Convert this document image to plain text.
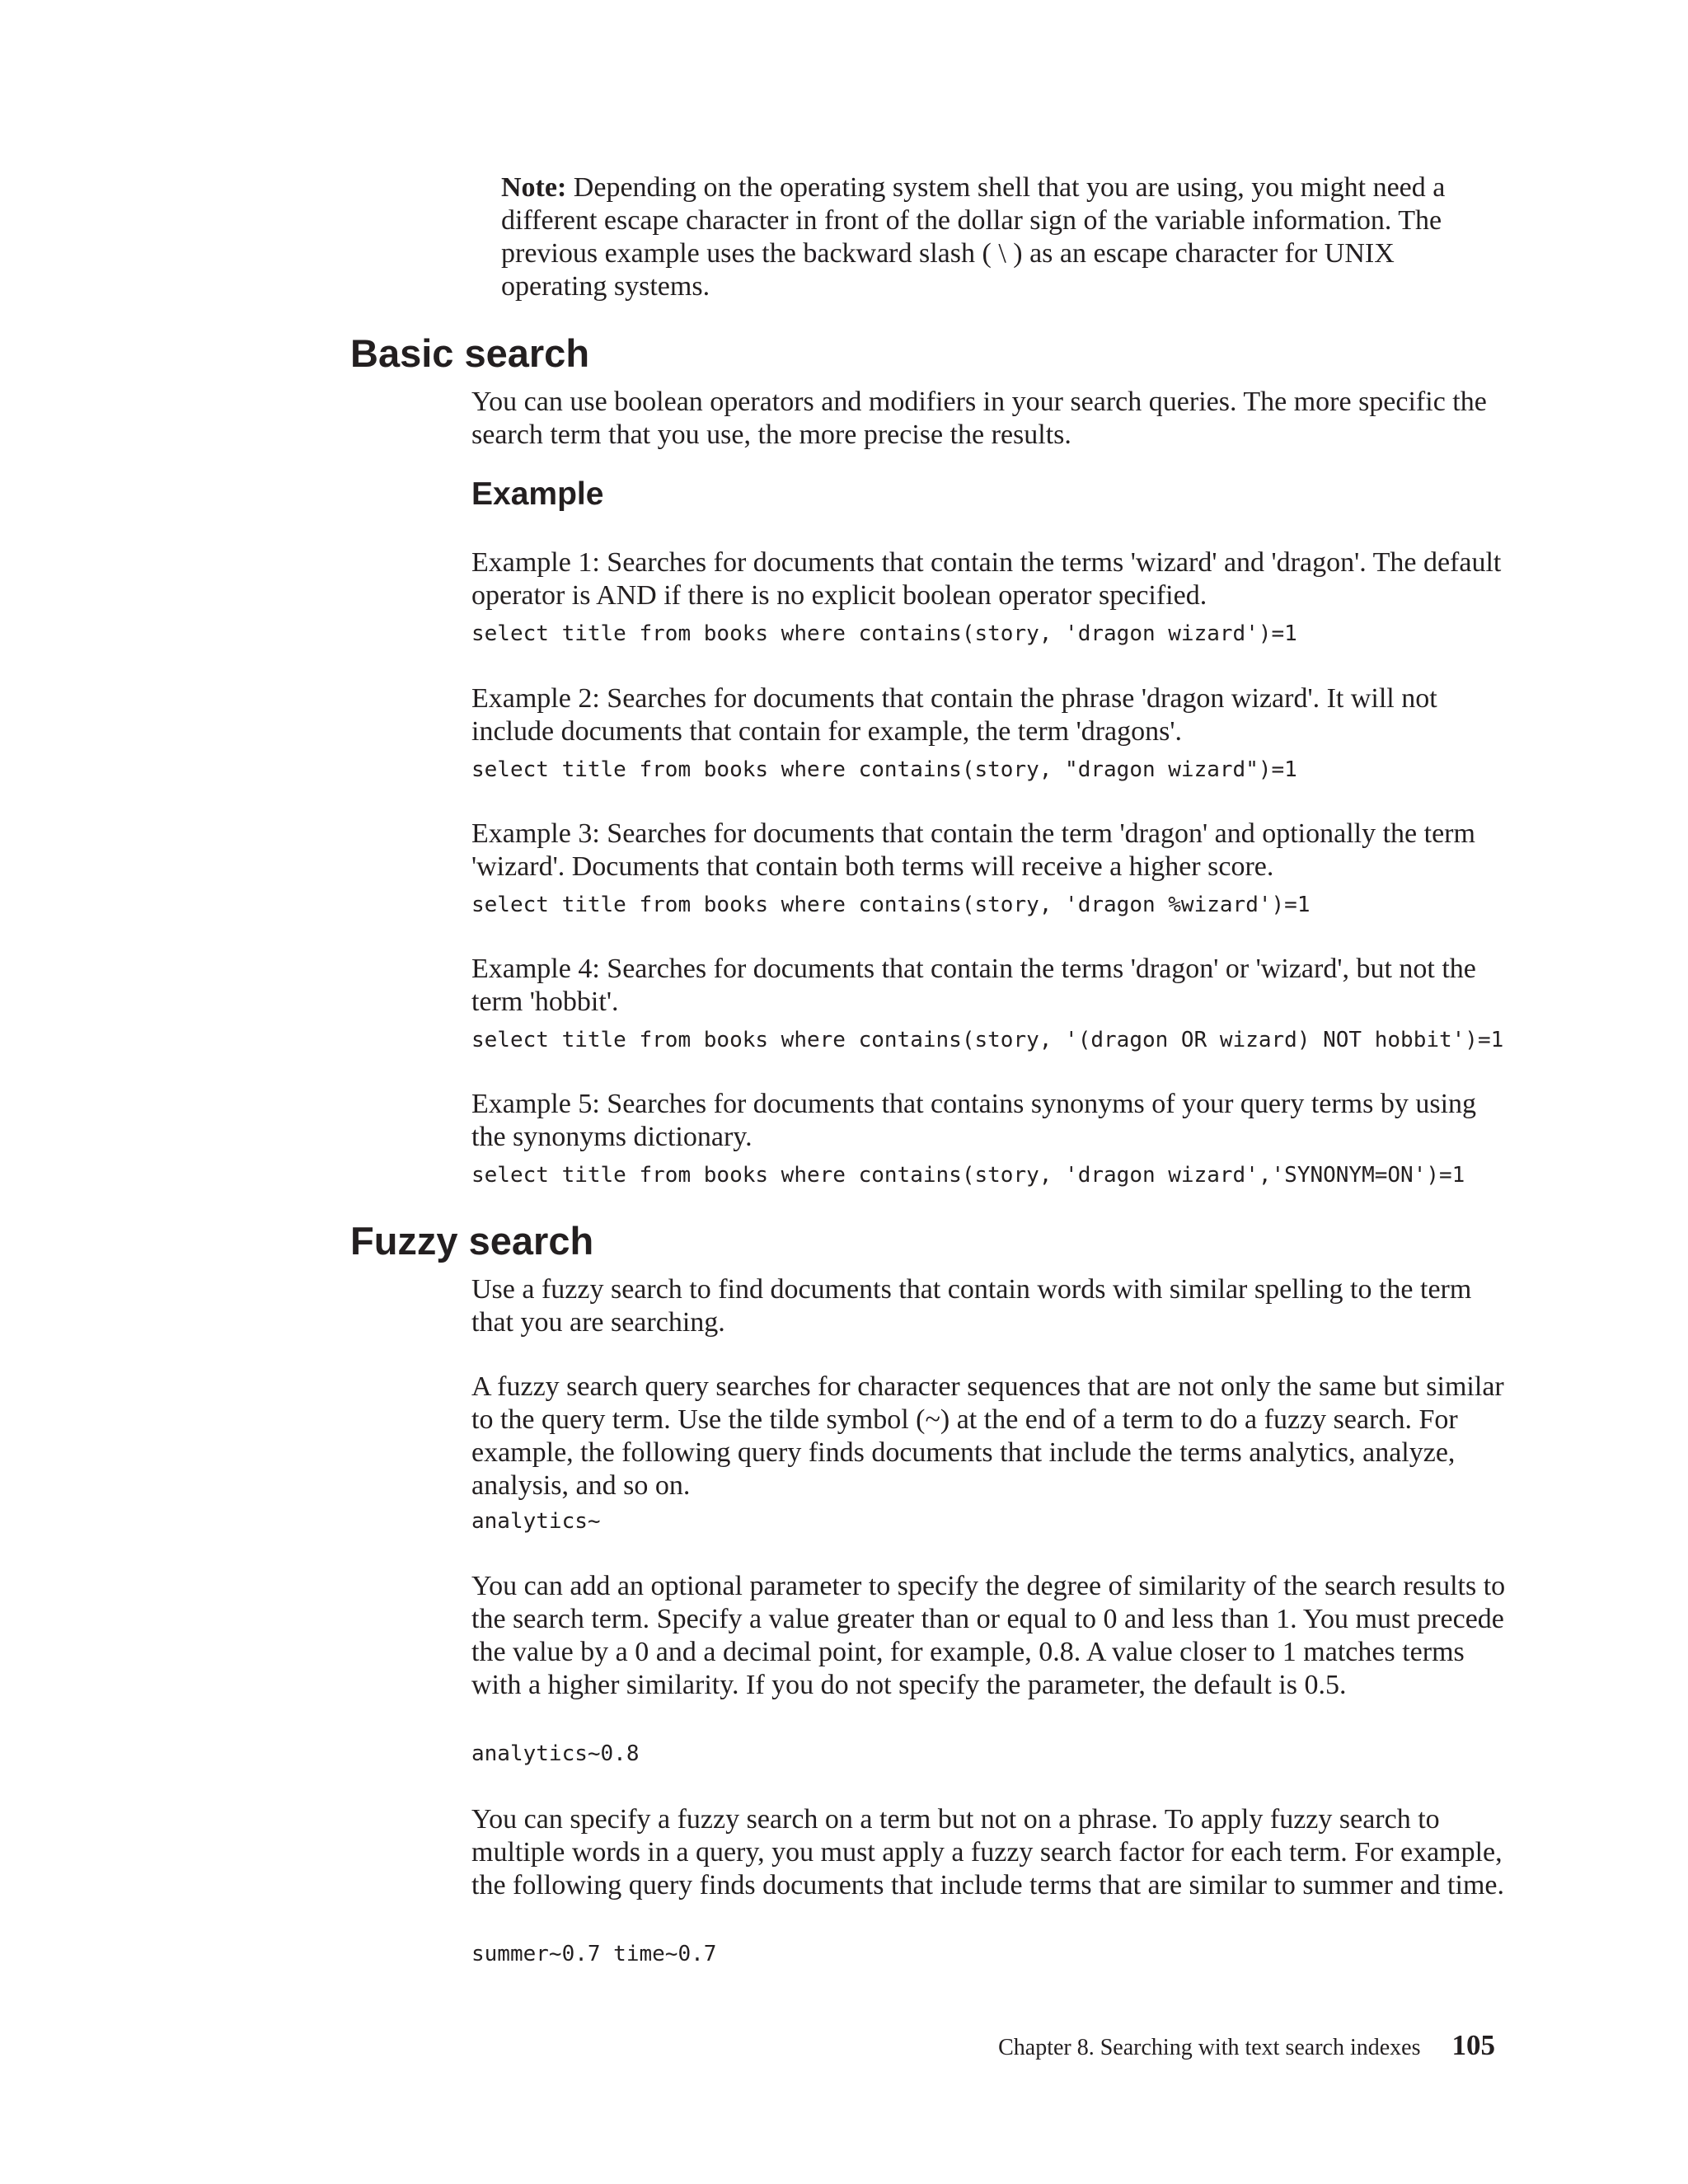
Note: Depending on the operating system shell that you are using, you might need a different escape character in front of the dollar sign of the variable information. The previous example uses the backward slash ( \ ) as an escape character for UNIX operating systems.
Basic search

You can use boolean operators and modifiers in your search queries. The more specific the search term that you use, the more precise the results.

Example

Example 1: Searches for documents that contain the terms 'wizard' and 'dragon'. The default operator is AND if there is no explicit boolean operator specified.

select title from books where contains(story, 'dragon wizard')=1

Example 2: Searches for documents that contain the phrase 'dragon wizard'. It will not include documents that contain for example, the term 'dragons'.

select title from books where contains(story, "dragon wizard")=1

Example 3: Searches for documents that contain the term 'dragon' and optionally the term 'wizard'. Documents that contain both terms will receive a higher score.

select title from books where contains(story, 'dragon %wizard')=1

Example 4: Searches for documents that contain the terms 'dragon' or 'wizard', but not the term 'hobbit'.

select title from books where contains(story, '(dragon OR wizard) NOT hobbit')=1

Example 5: Searches for documents that contains synonyms of your query terms by using the synonyms dictionary.

select title from books where contains(story, 'dragon wizard','SYNONYM=ON')=1
Fuzzy search

Use a fuzzy search to find documents that contain words with similar spelling to the term that you are searching.

A fuzzy search query searches for character sequences that are not only the same but similar to the query term. Use the tilde symbol (~) at the end of a term to do a fuzzy search. For example, the following query finds documents that include the terms analytics, analyze, analysis, and so on.

analytics~

You can add an optional parameter to specify the degree of similarity of the search results to the search term. Specify a value greater than or equal to 0 and less than 1. You must precede the value by a 0 and a decimal point, for example, 0.8. A value closer to 1 matches terms with a higher similarity. If you do not specify the parameter, the default is 0.5.

analytics~0.8

You can specify a fuzzy search on a term but not on a phrase. To apply fuzzy search to multiple words in a query, you must apply a fuzzy search factor for each term. For example, the following query finds documents that include terms that are similar to summer and time.

summer~0.7 time~0.7
Chapter 8. Searching with text search indexes 105
